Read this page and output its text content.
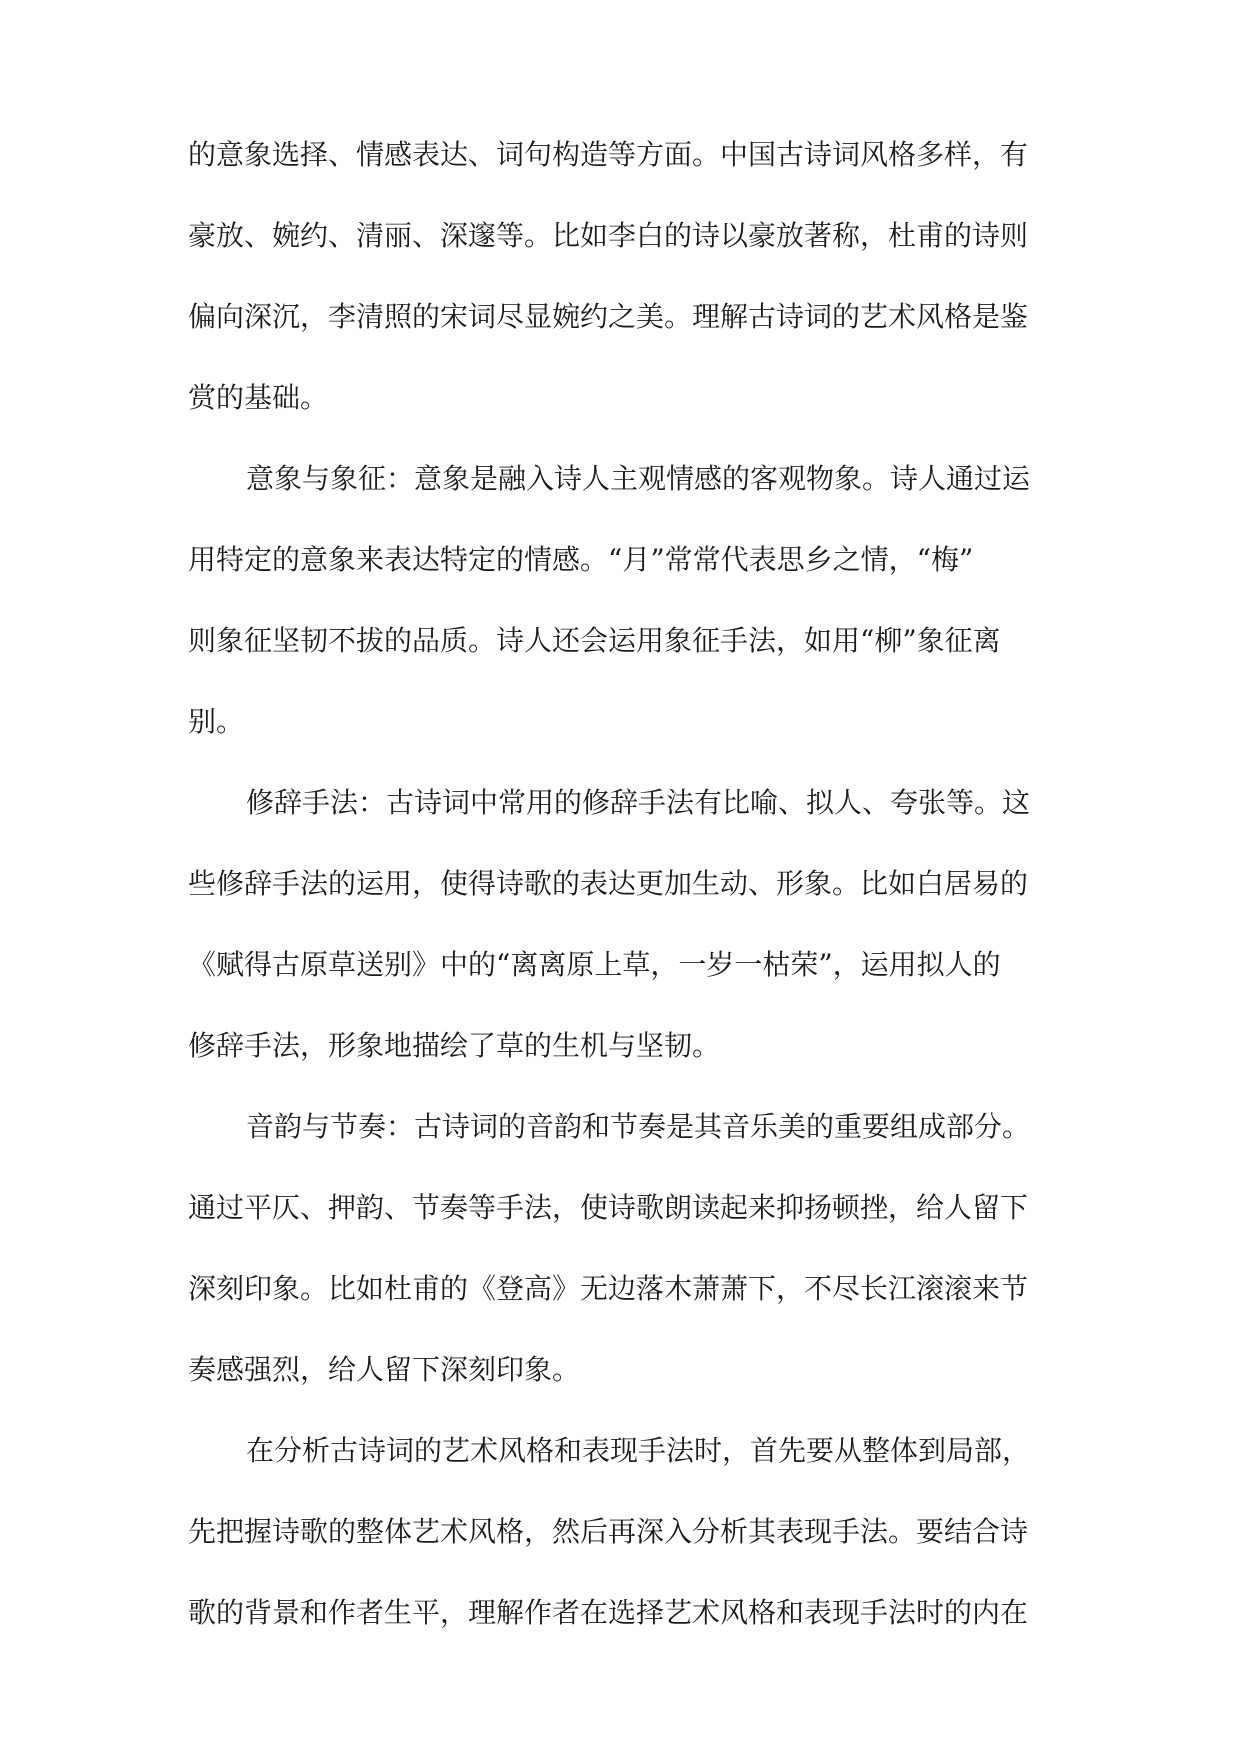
的意象选择、情感表达、词句构造等方面。中国古诗词风格多样，有
豪放、婉约、清丽、深邃等。比如李白的诗以豪放著称，杜甫的诗则
偏向深沉，李清照的宋词尽显婉约之美。理解古诗词的艺术风格是鉴
赏的基础。
意象与象征：意象是融入诗人主观情感的客观物象。诗人通过运
用特定的意象来表达特定的情感。“月”常常代表思乡之情，“梅”
则象征坚韧不拔的品质。诗人还会运用象征手法，如用“柳”象征离
别。
修辞手法：古诗词中常用的修辞手法有比喻、拟人、夸张等。这
些修辞手法的运用，使得诗歌的表达更加生动、形象。比如白居易的
《赋得古原草送别》中的“离离原上草，一岁一枯荣”，运用拟人的
修辞手法，形象地描绘了草的生机与坚韧。
音韵与节奏：古诗词的音韵和节奏是其音乐美的重要组成部分。
通过平仄、押韵、节奏等手法，使诗歌朗读起来抑扬顿挫，给人留下
深刻印象。比如杜甫的《登高》无边落木萧萧下，不尽长江滚滚来节
奏感强烈，给人留下深刻印象。
在分析古诗词的艺术风格和表现手法时，首先要从整体到局部，
先把握诗歌的整体艺术风格，然后再深入分析其表现手法。要结合诗
歌的背景和作者生平，理解作者在选择艺术风格和表现手法时的内在
